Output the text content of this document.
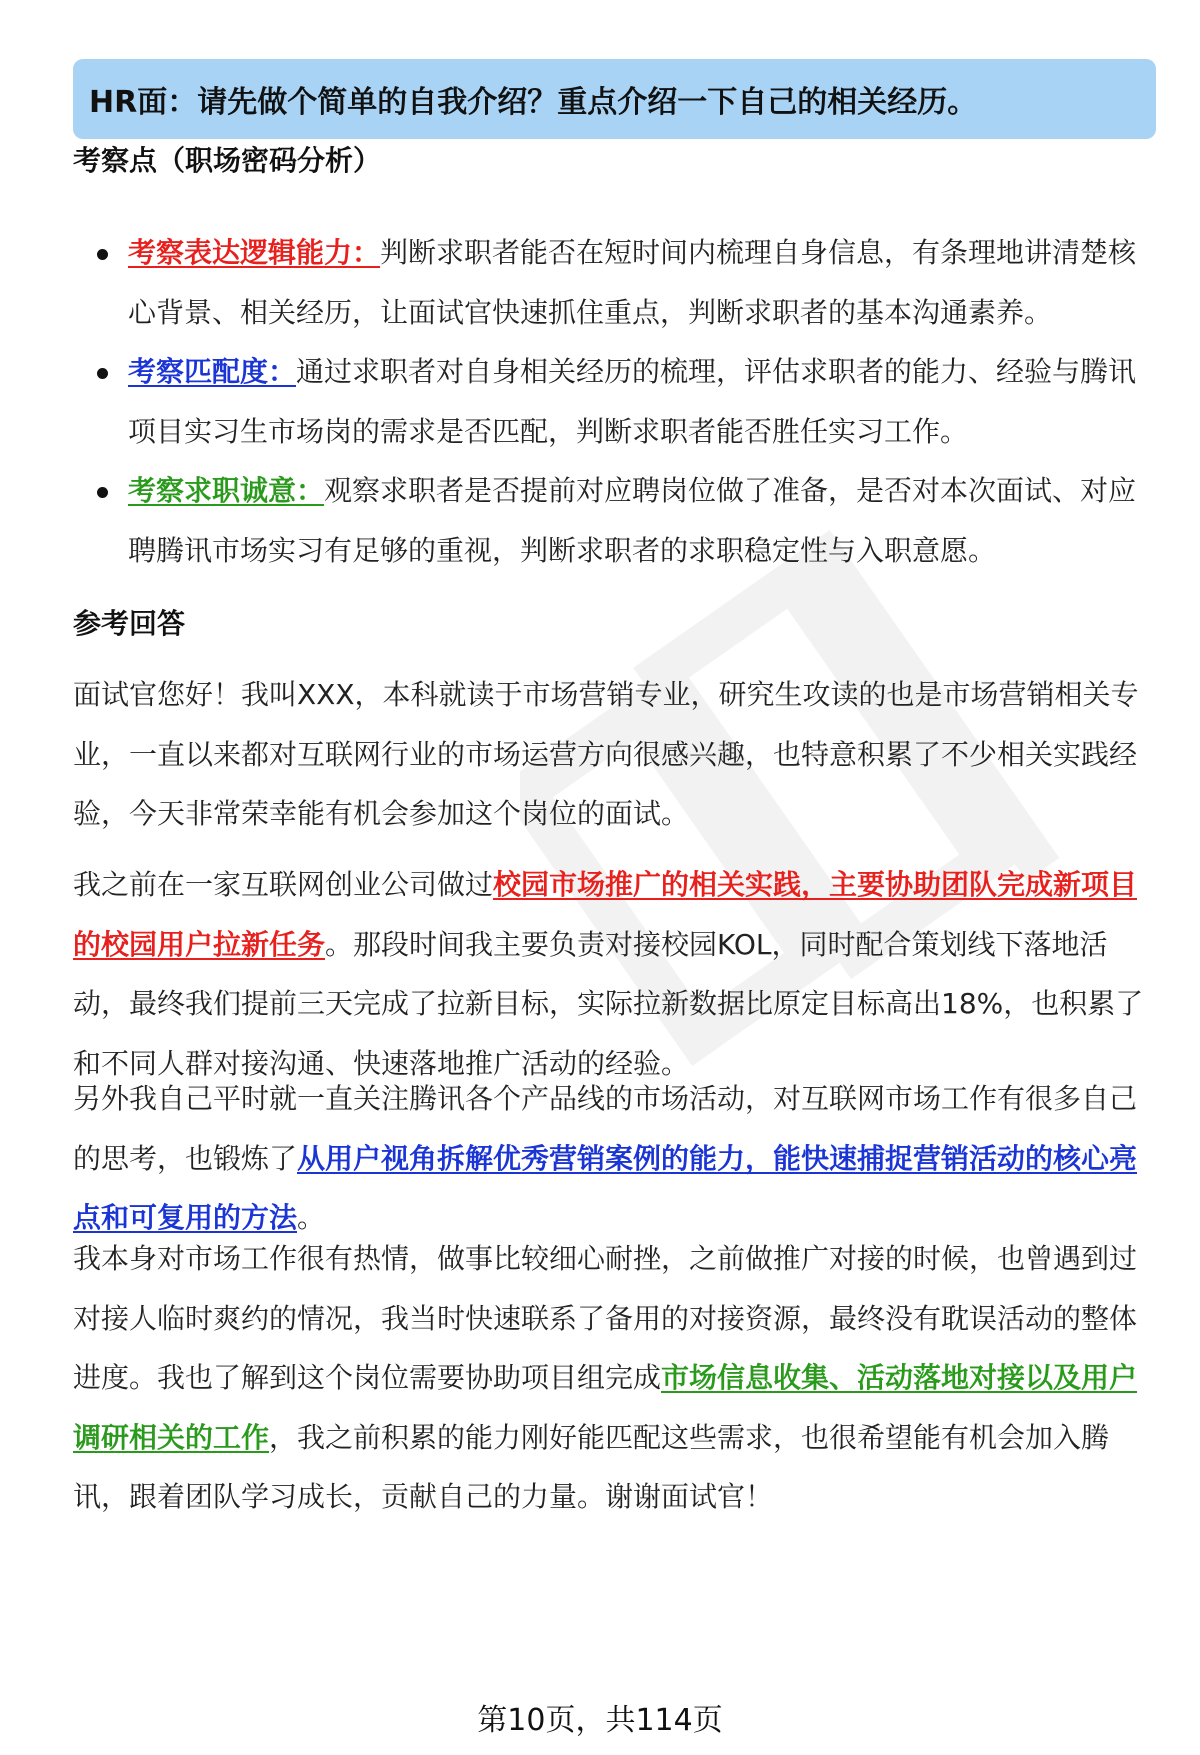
HR面：请先做个简单的自我介绍？重点介绍一下自己的相关经历。
考察点（职场密码分析）
考察表达逻辑能力：判断求职者能否在短时间内梳理自身信息，有条理地讲清楚核心背景、相关经历，让面试官快速抓住重点，判断求职者的基本沟通素养。
考察匹配度：通过求职者对自身相关经历的梳理，评估求职者的能力、经验与腾讯项目实习生市场岗的需求是否匹配，判断求职者能否胜任实习工作。
考察求职诚意：观察求职者是否提前对应聘岗位做了准备，是否对本次面试、对应聘腾讯市场实习有足够的重视，判断求职者的求职稳定性与入职意愿。
参考回答

面试官您好！我叫XXX，本科就读于市场营销专业，研究生攻读的也是市场营销相关专业，一直以来都对互联网行业的市场运营方向很感兴趣，也特意积累了不少相关实践经验，今天非常荣幸能有机会参加这个岗位的面试。

我之前在一家互联网创业公司做过校园市场推广的相关实践，主要协助团队完成新项目的校园用户拉新任务。那段时间我主要负责对接校园KOL，同时配合策划线下落地活动，最终我们提前三天完成了拉新目标，实际拉新数据比原定目标高出18%，也积累了和不同人群对接沟通、快速落地推广活动的经验。

另外我自己平时就一直关注腾讯各个产品线的市场活动，对互联网市场工作有很多自己的思考，也锻炼了从用户视角拆解优秀营销案例的能力，能快速捕捉营销活动的核心亮点和可复用的方法。

我本身对市场工作很有热情，做事比较细心耐挫，之前做推广对接的时候，也曾遇到过对接人临时爽约的情况，我当时快速联系了备用的对接资源，最终没有耽误活动的整体进度。我也了解到这个岗位需要协助项目组完成市场信息收集、活动落地对接以及用户调研相关的工作，我之前积累的能力刚好能匹配这些需求，也很希望能有机会加入腾讯，跟着团队学习成长，贡献自己的力量。谢谢面试官！

第10页，共114页
